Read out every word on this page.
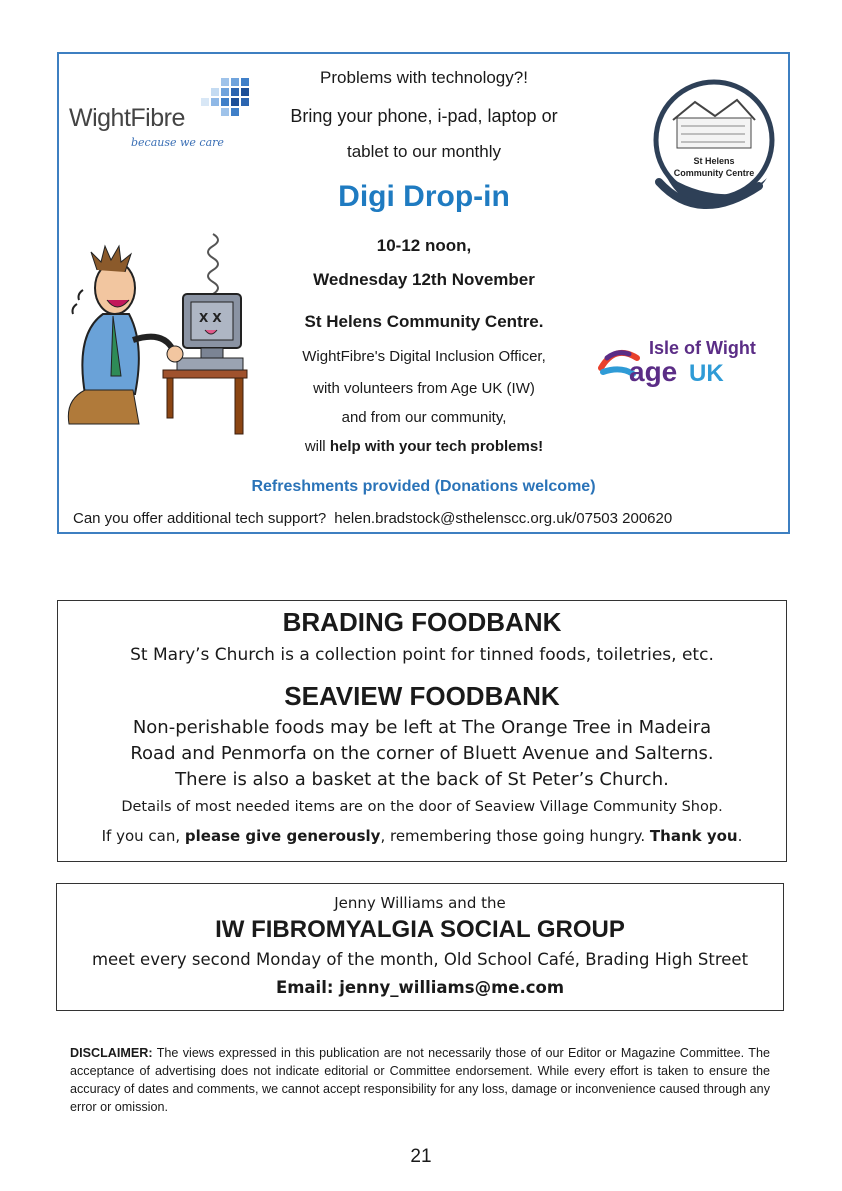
WightFibre
because we care
X X
St Helens
Community Centre
Isle of Wight
age UK
Problems with technology?!
Bring your phone, i-pad, laptop or
tablet to our monthly
Digi Drop-in
10-12 noon,
Wednesday 12th November
St Helens Community Centre.
WightFibre's Digital Inclusion Officer,
with volunteers from Age UK (IW)
and from our community,
will help with your tech problems!
Refreshments provided (Donations welcome)
Can you offer additional tech support? helen.bradstock@sthelenscc.org.uk/07503 200620
BRADING FOODBANK

St Mary’s Church is a collection point for tinned foods, toiletries, etc.

SEAVIEW FOODBANK

Non-perishable foods may be left at The Orange Tree in Madeira

Road and Penmorfa on the corner of Bluett Avenue and Salterns.

There is also a basket at the back of St Peter’s Church.

Details of most needed items are on the door of Seaview Village Community Shop.

If you can, please give generously, remembering those going hungry. Thank you.

Jenny Williams and the

IW FIBROMYALGIA SOCIAL GROUP

meet every second Monday of the month, Old School Café, Brading High Street

Email: jenny_williams@me.com

DISCLAIMER: The views expressed in this publication are not necessarily those of our Editor or Magazine Committee. The acceptance of advertising does not indicate editorial or Committee endorsement. While every effort is taken to ensure the accuracy of dates and comments, we cannot accept responsibility for any loss, damage or inconvenience caused through any error or omission.
21
